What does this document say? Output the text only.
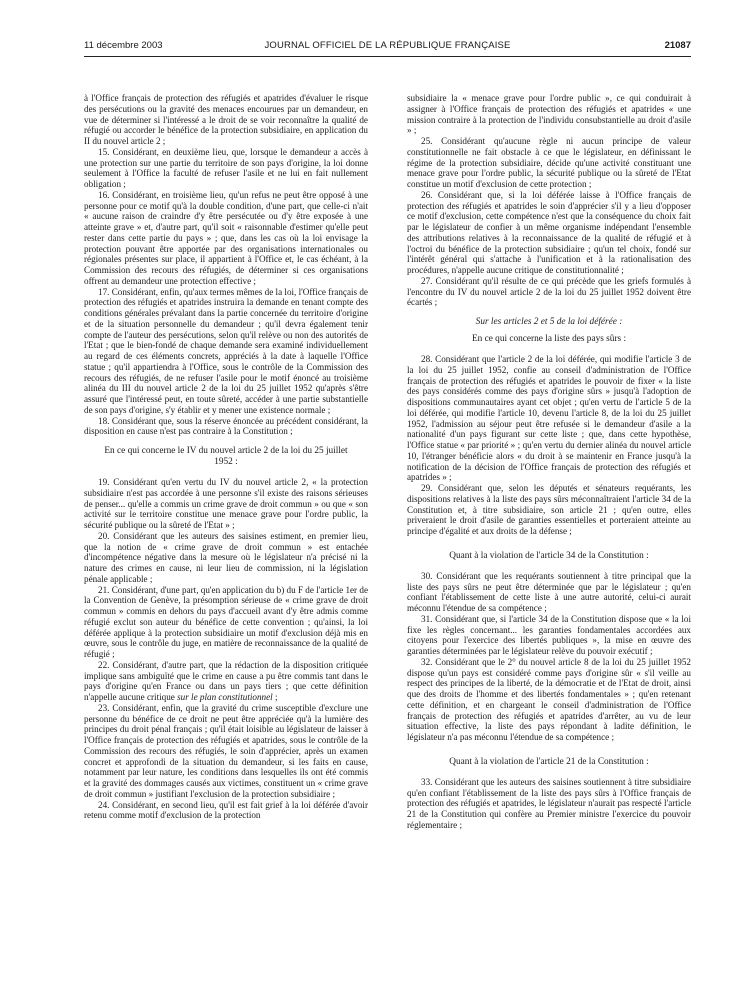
11 décembre 2003	JOURNAL OFFICIEL DE LA RÉPUBLIQUE FRANÇAISE	21087

à l'Office français de protection des réfugiés et apatrides d'évaluer le risque des persécutions ou la gravité des menaces encourues par un demandeur, en vue de déterminer si l'intéressé a le droit de se voir reconnaître la qualité de réfugié ou accorder le bénéfice de la protection subsidiaire, en application du II du nouvel article 2 ;

15. Considérant, en deuxième lieu, que, lorsque le demandeur a accès à une protection sur une partie du territoire de son pays d'origine, la loi donne seulement à l'Office la faculté de refuser l'asile et ne lui en fait nullement obligation ;

16. Considérant, en troisième lieu, qu'un refus ne peut être opposé à une personne pour ce motif qu'à la double condition, d'une part, que celle-ci n'ait « aucune raison de craindre d'y être persécutée ou d'y être exposée à une atteinte grave » et, d'autre part, qu'il soit « raisonnable d'estimer qu'elle peut rester dans cette partie du pays » ; que, dans les cas où la loi envisage la protection pouvant être apportée par des organisations internationales ou régionales présentes sur place, il appartient à l'Office et, le cas échéant, à la Commission des recours des réfugiés, de déterminer si ces organisations offrent au demandeur une protection effective ;

17. Considérant, enfin, qu'aux termes mêmes de la loi, l'Office français de protection des réfugiés et apatrides instruira la demande en tenant compte des conditions générales prévalant dans la partie concernée du territoire d'origine et de la situation personnelle du demandeur ; qu'il devra également tenir compte de l'auteur des persécutions, selon qu'il relève ou non des autorités de l'Etat ; que le bien-fondé de chaque demande sera examiné individuellement au regard de ces éléments concrets, appréciés à la date à laquelle l'Office statue ; qu'il appartiendra à l'Office, sous le contrôle de la Commission des recours des réfugiés, de ne refuser l'asile pour le motif énoncé au troisième alinéa du III du nouvel article 2 de la loi du 25 juillet 1952 qu'après s'être assuré que l'intéressé peut, en toute sûreté, accéder à une partie substantielle de son pays d'origine, s'y établir et y mener une existence normale ;

18. Considérant que, sous la réserve énoncée au précédent considérant, la disposition en cause n'est pas contraire à la Constitution ;

En ce qui concerne le IV du nouvel article 2 de la loi du 25 juillet 1952 :

19. Considérant qu'en vertu du IV du nouvel article 2, « la protection subsidiaire n'est pas accordée à une personne s'il existe des raisons sérieuses de penser... qu'elle a commis un crime grave de droit commun » ou que « son activité sur le territoire constitue une menace grave pour l'ordre public, la sécurité publique ou la sûreté de l'Etat » ;

20. Considérant que les auteurs des saisines estiment, en premier lieu, que la notion de « crime grave de droit commun » est entachée d'incompétence négative dans la mesure où le législateur n'a précisé ni la nature des crimes en cause, ni leur lieu de commission, ni la législation pénale applicable ;

21. Considérant, d'une part, qu'en application du b) du F de l'article 1er de la Convention de Genève, la présomption sérieuse de « crime grave de droit commun » commis en dehors du pays d'accueil avant d'y être admis comme réfugié exclut son auteur du bénéfice de cette convention ; qu'ainsi, la loi déférée applique à la protection subsidiaire un motif d'exclusion déjà mis en œuvre, sous le contrôle du juge, en matière de reconnaissance de la qualité de réfugié ;

22. Considérant, d'autre part, que la rédaction de la disposition critiquée implique sans ambiguïté que le crime en cause a pu être commis tant dans le pays d'origine qu'en France ou dans un pays tiers ; que cette définition n'appelle aucune critique sur le plan constitutionnel ;

23. Considérant, enfin, que la gravité du crime susceptible d'exclure une personne du bénéfice de ce droit ne peut être appréciée qu'à la lumière des principes du droit pénal français ; qu'il était loisible au législateur de laisser à l'Office français de protection des réfugiés et apatrides, sous le contrôle de la Commission des recours des réfugiés, le soin d'apprécier, après un examen concret et approfondi de la situation du demandeur, si les faits en cause, notamment par leur nature, les conditions dans lesquelles ils ont été commis et la gravité des dommages causés aux victimes, constituent un « crime grave de droit commun » justifiant l'exclusion de la protection subsidiaire ;

24. Considérant, en second lieu, qu'il est fait grief à la loi déférée d'avoir retenu comme motif d'exclusion de la protection

subsidiaire la « menace grave pour l'ordre public », ce qui conduirait à assigner à l'Office français de protection des réfugiés et apatrides « une mission contraire à la protection de l'individu consubstantielle au droit d'asile » ;

25. Considérant qu'aucune règle ni aucun principe de valeur constitutionnelle ne fait obstacle à ce que le législateur, en définissant le régime de la protection subsidiaire, décide qu'une activité constituant une menace grave pour l'ordre public, la sécurité publique ou la sûreté de l'Etat constitue un motif d'exclusion de cette protection ;

26. Considérant que, si la loi déférée laisse à l'Office français de protection des réfugiés et apatrides le soin d'apprécier s'il y a lieu d'opposer ce motif d'exclusion, cette compétence n'est que la conséquence du choix fait par le législateur de confier à un même organisme indépendant l'ensemble des attributions relatives à la reconnaissance de la qualité de réfugié et à l'octroi du bénéfice de la protection subsidiaire ; qu'un tel choix, fondé sur l'intérêt général qui s'attache à l'unification et à la rationalisation des procédures, n'appelle aucune critique de constitutionnalité ;

27. Considérant qu'il résulte de ce qui précède que les griefs formulés à l'encontre du IV du nouvel article 2 de la loi du 25 juillet 1952 doivent être écartés ;

Sur les articles 2 et 5 de la loi déférée :
En ce qui concerne la liste des pays sûrs :

28. Considérant que l'article 2 de la loi déférée, qui modifie l'article 3 de la loi du 25 juillet 1952, confie au conseil d'administration de l'Office français de protection des réfugiés et apatrides le pouvoir de fixer « la liste des pays considérés comme des pays d'origine sûrs » jusqu'à l'adoption de dispositions communautaires ayant cet objet ; qu'en vertu de l'article 5 de la loi déférée, qui modifie l'article 10, devenu l'article 8, de la loi du 25 juillet 1952, l'admission au séjour peut être refusée si le demandeur d'asile a la nationalité d'un pays figurant sur cette liste ; que, dans cette hypothèse, l'Office statue « par priorité » ; qu'en vertu du dernier alinéa du nouvel article 10, l'étranger bénéficie alors « du droit à se maintenir en France jusqu'à la notification de la décision de l'Office français de protection des réfugiés et apatrides » ;

29. Considérant que, selon les députés et sénateurs requérants, les dispositions relatives à la liste des pays sûrs méconnaîtraient l'article 34 de la Constitution et, à titre subsidiaire, son article 21 ; qu'en outre, elles priveraient le droit d'asile de garanties essentielles et porteraient atteinte au principe d'égalité et aux droits de la défense ;

Quant à la violation de l'article 34 de la Constitution :

30. Considérant que les requérants soutiennent à titre principal que la liste des pays sûrs ne peut être déterminée que par le législateur ; qu'en confiant l'établissement de cette liste à une autre autorité, celui-ci aurait méconnu l'étendue de sa compétence ;

31. Considérant que, si l'article 34 de la Constitution dispose que « la loi fixe les règles concernant... les garanties fondamentales accordées aux citoyens pour l'exercice des libertés publiques », la mise en œuvre des garanties déterminées par le législateur relève du pouvoir exécutif ;

32. Considérant que le 2° du nouvel article 8 de la loi du 25 juillet 1952 dispose qu'un pays est considéré comme pays d'origine sûr « s'il veille au respect des principes de la liberté, de la démocratie et de l'Etat de droit, ainsi que des droits de l'homme et des libertés fondamentales » ; qu'en retenant cette définition, et en chargeant le conseil d'administration de l'Office français de protection des réfugiés et apatrides d'arrêter, au vu de leur situation effective, la liste des pays répondant à ladite définition, le législateur n'a pas méconnu l'étendue de sa compétence ;

Quant à la violation de l'article 21 de la Constitution :

33. Considérant que les auteurs des saisines soutiennent à titre subsidiaire qu'en confiant l'établissement de la liste des pays sûrs à l'Office français de protection des réfugiés et apatrides, le législateur n'aurait pas respecté l'article 21 de la Constitution qui confère au Premier ministre l'exercice du pouvoir réglementaire ;
